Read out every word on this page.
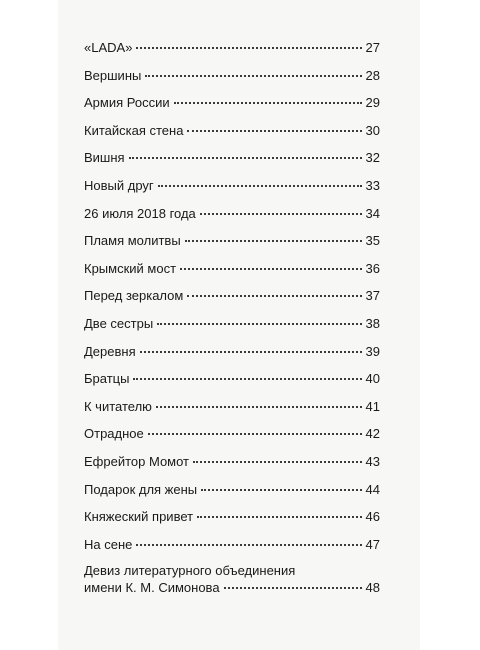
«LADA»	27
Вершины	28
Армия России	29
Китайская стена	30
Вишня	32
Новый друг	33
26 июля 2018 года	34
Пламя молитвы	35
Крымский мост	36
Перед зеркалом	37
Две сестры	38
Деревня	39
Братцы	40
К читателю	41
Отрадное	42
Ефрейтор Момот	43
Подарок для жены	44
Княжеский привет	46
На сене	47
Девиз литературного объединения
имени К. М. Симонова	48
